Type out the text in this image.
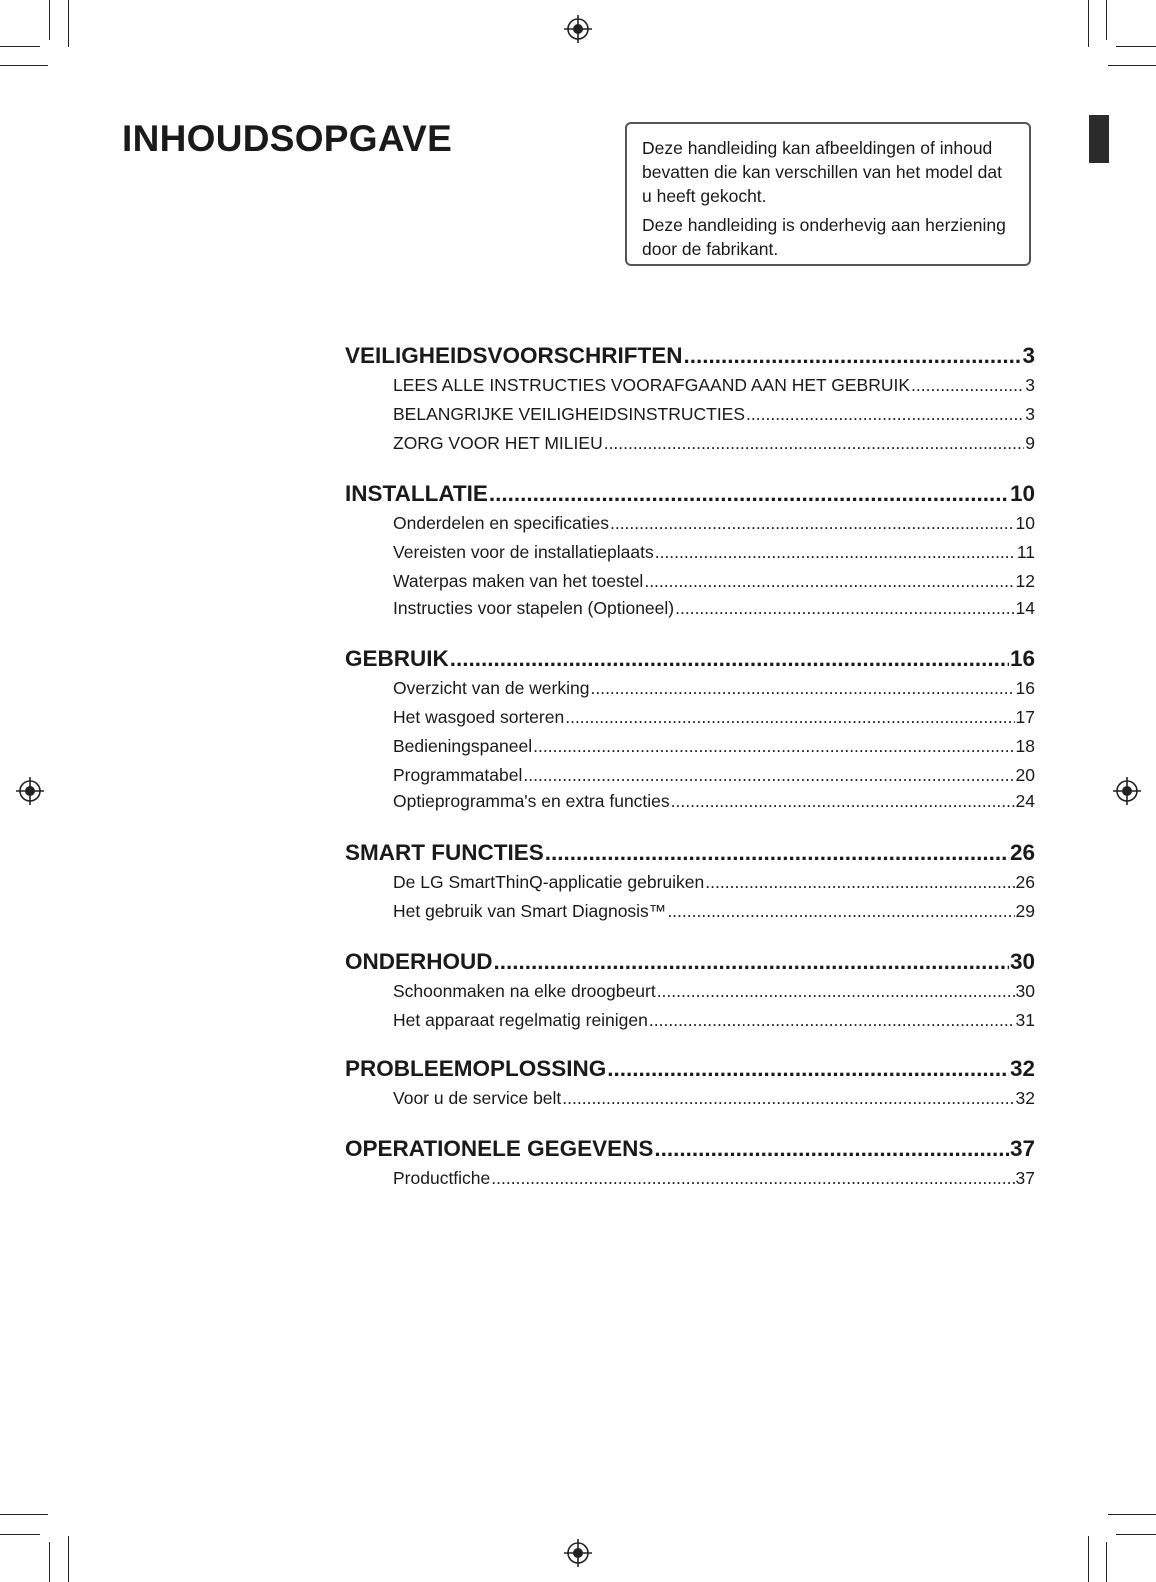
INHOUDSOPGAVE	Deze handleiding kan afbeeldingen of inhoud bevatten die kan verschillen van het model dat u heeft gekocht.

Deze handleiding is onderhevig aan herziening door de fabrikant.

VEILIGHEIDSVOORSCHRIFTEN .....	3
LEES ALLE INSTRUCTIES VOORAFGAAND AAN HET GEBRUIK .....	3
BELANGRIJKE VEILIGHEIDSINSTRUCTIES .....	3
ZORG VOOR HET MILIEU .....	9
INSTALLATIE .....	10
Onderdelen en specificaties .....	10
Vereisten voor de installatieplaats .....	11
Waterpas maken van het toestel .....	12
Instructies voor stapelen (Optioneel) .....	14
GEBRUIK .....	16
Overzicht van de werking .....	16
Het wasgoed sorteren .....	17
Bedieningspaneel .....	18
Programmatabel .....	20
Optieprogramma's en extra functies .....	24
SMART FUNCTIES .....	26
De LG SmartThinQ-applicatie gebruiken .....	26
Het gebruik van Smart Diagnosis™ .....	29
ONDERHOUD .....	30
Schoonmaken na elke droogbeurt .....	30
Het apparaat regelmatig reinigen .....	31
PROBLEEMOPLOSSING .....	32
Voor u de service belt .....	32
OPERATIONELE GEGEVENS .....	37
Productfiche .....	37
